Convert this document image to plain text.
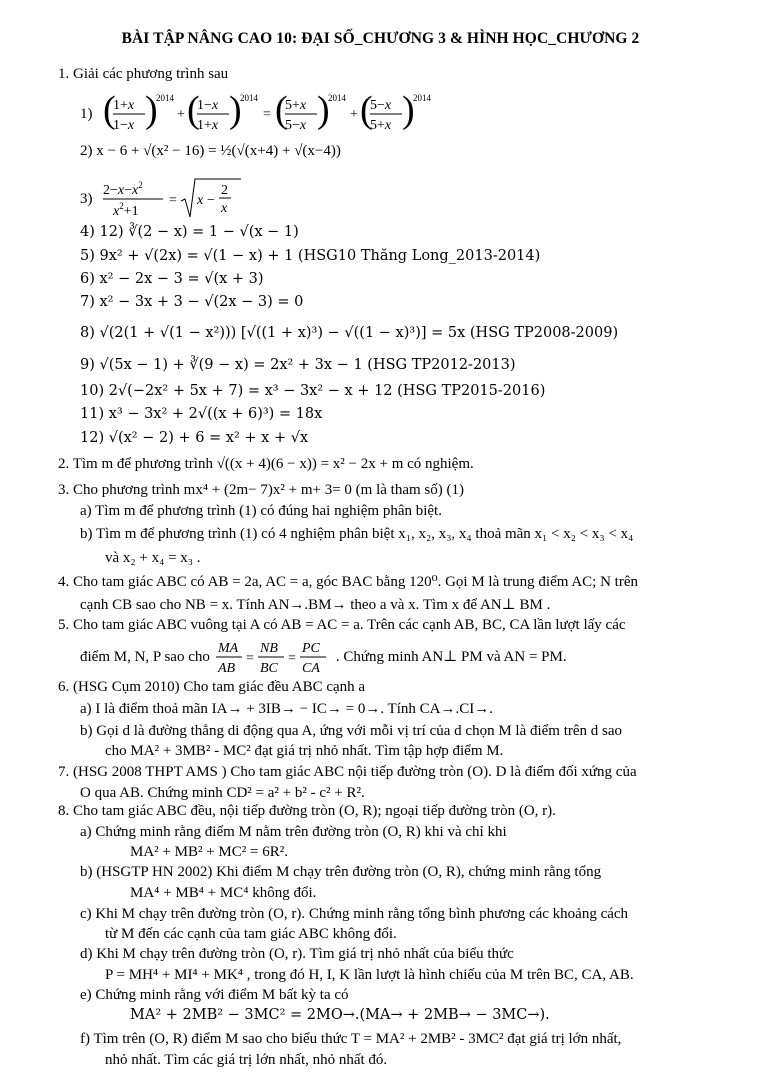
BÀI TẬP NÂNG CAO 10: ĐẠI SỐ_CHƯƠNG 3 & HÌNH HỌC_CHƯƠNG 2
1. Giải các phương trình sau
1) (
1+x
1−x )
2014
+ (
1−x
1+x )
2014
= (
5+x
5−x )
2014
+ (
5−x
5+x )
2014
2) x − 6 + √(x² − 16) = ½(√(x+4) + √(x−4))
3)
$2-x-x^2$
$x^2+1$
= x −
2
x
4) 12) ∛(2 − x) = 1 − √(x − 1)
5) 9x² + √(2x) = √(1 − x) + 1 (HSG10 Thăng Long_2013-2014)
6) x² − 2x − 3 = √(x + 3)
7) x² − 3x + 3 − √(2x − 3) = 0
8) √(2(1 + √(1 − x²))) [√((1 + x)³) − √((1 − x)³)] = 5x (HSG TP2008-2009)
9) √(5x − 1) + ∛(9 − x) = 2x² + 3x − 1 (HSG TP2012-2013)
10) 2√(−2x² + 5x + 7) = x³ − 3x² − x + 12 (HSG TP2015-2016)
11) x³ − 3x² + 2√((x + 6)³) = 18x
12) √(x² − 2) + 6 = x² + x + √x
2. Tìm m để phương trình √((x + 4)(6 − x)) = x² − 2x + m có nghiệm.
3. Cho phương trình mx⁴ + (2m− 7)x² + m+ 3= 0 (m là tham số) (1)
a) Tìm m để phương trình (1) có đúng hai nghiệm phân biệt.
b) Tìm m để phương trình (1) có 4 nghiệm phân biệt x₁, x₂, x₃, x₄ thoả mãn x₁ < x₂ < x₃ < x₄
và x₂ + x₄ = x₃ .
4. Cho tam giác ABC có AB = 2a, AC = a, góc BAC bằng 120⁰. Gọi M là trung điểm AC; N trên
cạnh CB sao cho NB = x. Tính AN→.BM→ theo a và x. Tìm x để AN⊥ BM .
5. Cho tam giác ABC vuông tại A có AB = AC = a. Trên các cạnh AB, BC, CA lần lượt lấy các
điểm M, N, P sao cho
MA
AB
=
NB
BC
=
PC
CA
. Chứng minh AN⊥ PM và AN = PM.
6. (HSG Cụm 2010) Cho tam giác đều ABC cạnh a
a) I là điểm thoả mãn IA→ + 3IB→ − IC→ = 0→. Tính CA→.CI→.
b) Gọi d là đường thẳng di động qua A, ứng với mỗi vị trí của d chọn M là điểm trên d sao
cho MA² + 3MB² - MC² đạt giá trị nhỏ nhất. Tìm tập hợp điểm M.
7. (HSG 2008 THPT AMS ) Cho tam giác ABC nội tiếp đường tròn (O). D là điểm đối xứng của
O qua AB. Chứng minh CD² = a² + b² - c² + R².
8. Cho tam giác ABC đều, nội tiếp đường tròn (O, R); ngoại tiếp đường tròn (O, r).
a) Chứng minh rằng điểm M nằm trên đường tròn (O, R) khi và chỉ khi
MA² + MB² + MC² = 6R².
b) (HSGTP HN 2002) Khi điểm M chạy trên đường tròn (O, R), chứng minh rằng tổng
MA⁴ + MB⁴ + MC⁴ không đổi.
c) Khi M chạy trên đường tròn (O, r). Chứng minh rằng tổng bình phương các khoảng cách
từ M đến các cạnh của tam giác ABC không đổi.
d) Khi M chạy trên đường tròn (O, r). Tìm giá trị nhỏ nhất của biểu thức
P = MH⁴ + MI⁴ + MK⁴ , trong đó H, I, K lần lượt là hình chiếu của M trên BC, CA, AB.
e) Chứng minh rằng với điểm M bất kỳ ta có
MA² + 2MB² − 3MC² = 2MO→.(MA→ + 2MB→ − 3MC→).
f) Tìm trên (O, R) điểm M sao cho biểu thức T = MA² + 2MB² - 3MC² đạt giá trị lớn nhất,
nhỏ nhất. Tìm các giá trị lớn nhất, nhỏ nhất đó.
